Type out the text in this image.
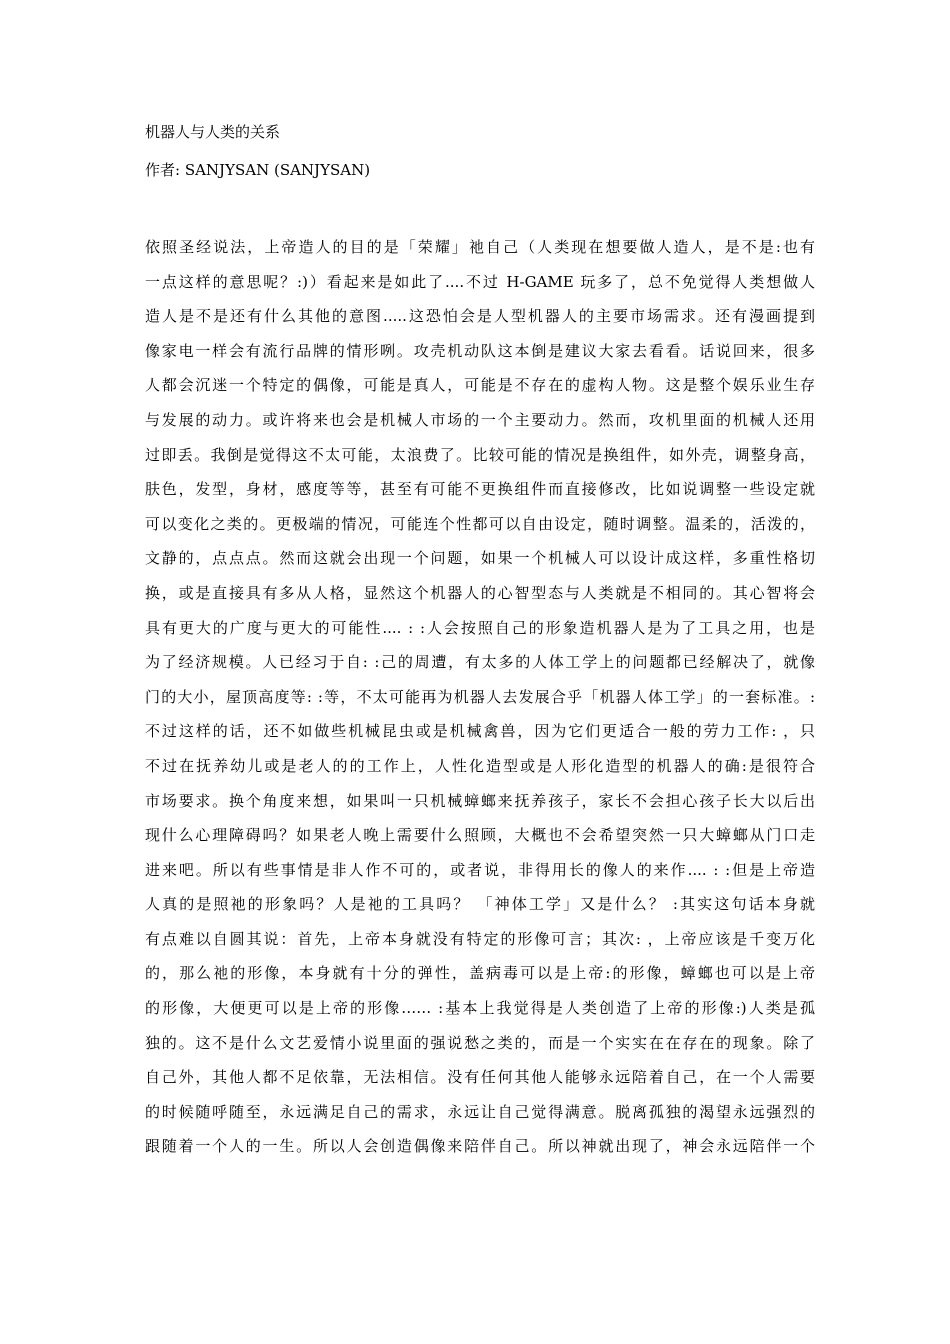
机器人与人类的关系
作者: SANJYSAN (SANJYSAN)
依照圣经说法，上帝造人的目的是「荣耀」祂自己（人类现在想要做人造人，是不是:也有
一点这样的意思呢？:)）看起来是如此了....不过 H-GAME 玩多了，总不免觉得人类想做人
造人是不是还有什么其他的意图.....这恐怕会是人型机器人的主要市场需求。还有漫画提到
像家电一样会有流行品牌的情形咧。攻壳机动队这本倒是建议大家去看看。话说回来，很多
人都会沉迷一个特定的偶像，可能是真人，可能是不存在的虚构人物。这是整个娱乐业生存
与发展的动力。或许将来也会是机械人市场的一个主要动力。然而，攻机里面的机械人还用
过即丢。我倒是觉得这不太可能，太浪费了。比较可能的情况是换组件，如外壳，调整身高，
肤色，发型，身材，感度等等，甚至有可能不更换组件而直接修改，比如说调整一些设定就
可以变化之类的。更极端的情况，可能连个性都可以自由设定，随时调整。温柔的，活泼的，
文静的，点点点。然而这就会出现一个问题，如果一个机械人可以设计成这样，多重性格切
换，或是直接具有多从人格，显然这个机器人的心智型态与人类就是不相同的。其心智将会
具有更大的广度与更大的可能性.... : :人会按照自己的形象造机器人是为了工具之用，也是
为了经济规模。人已经习于自: :己的周遭，有太多的人体工学上的问题都已经解决了，就像
门的大小，屋顶高度等: :等，不太可能再为机器人去发展合乎「机器人体工学」的一套标准。:
不过这样的话，还不如做些机械昆虫或是机械禽兽，因为它们更适合一般的劳力工作: ，只
不过在抚养幼儿或是老人的的工作上，人性化造型或是人形化造型的机器人的确:是很符合
市场要求。换个角度来想，如果叫一只机械蟑螂来抚养孩子，家长不会担心孩子长大以后出
现什么心理障碍吗？如果老人晚上需要什么照顾，大概也不会希望突然一只大蟑螂从门口走
进来吧。所以有些事情是非人作不可的，或者说，非得用长的像人的来作.... : :但是上帝造
人真的是照祂的形象吗？人是祂的工具吗？ 「神体工学」又是什么？ :其实这句话本身就
有点难以自圆其说：首先，上帝本身就没有特定的形像可言；其次: ，上帝应该是千变万化
的，那么祂的形像，本身就有十分的弹性，盖病毒可以是上帝:的形像，蟑螂也可以是上帝
的形像，大便更可以是上帝的形像…… :基本上我觉得是人类创造了上帝的形像:)人类是孤
独的。这不是什么文艺爱情小说里面的强说愁之类的，而是一个实实在在存在的现象。除了
自己外，其他人都不足依靠，无法相信。没有任何其他人能够永远陪着自己，在一个人需要
的时候随呼随至，永远满足自己的需求，永远让自己觉得满意。脱离孤独的渴望永远强烈的
跟随着一个人的一生。所以人会创造偶像来陪伴自己。所以神就出现了，神会永远陪伴一个
